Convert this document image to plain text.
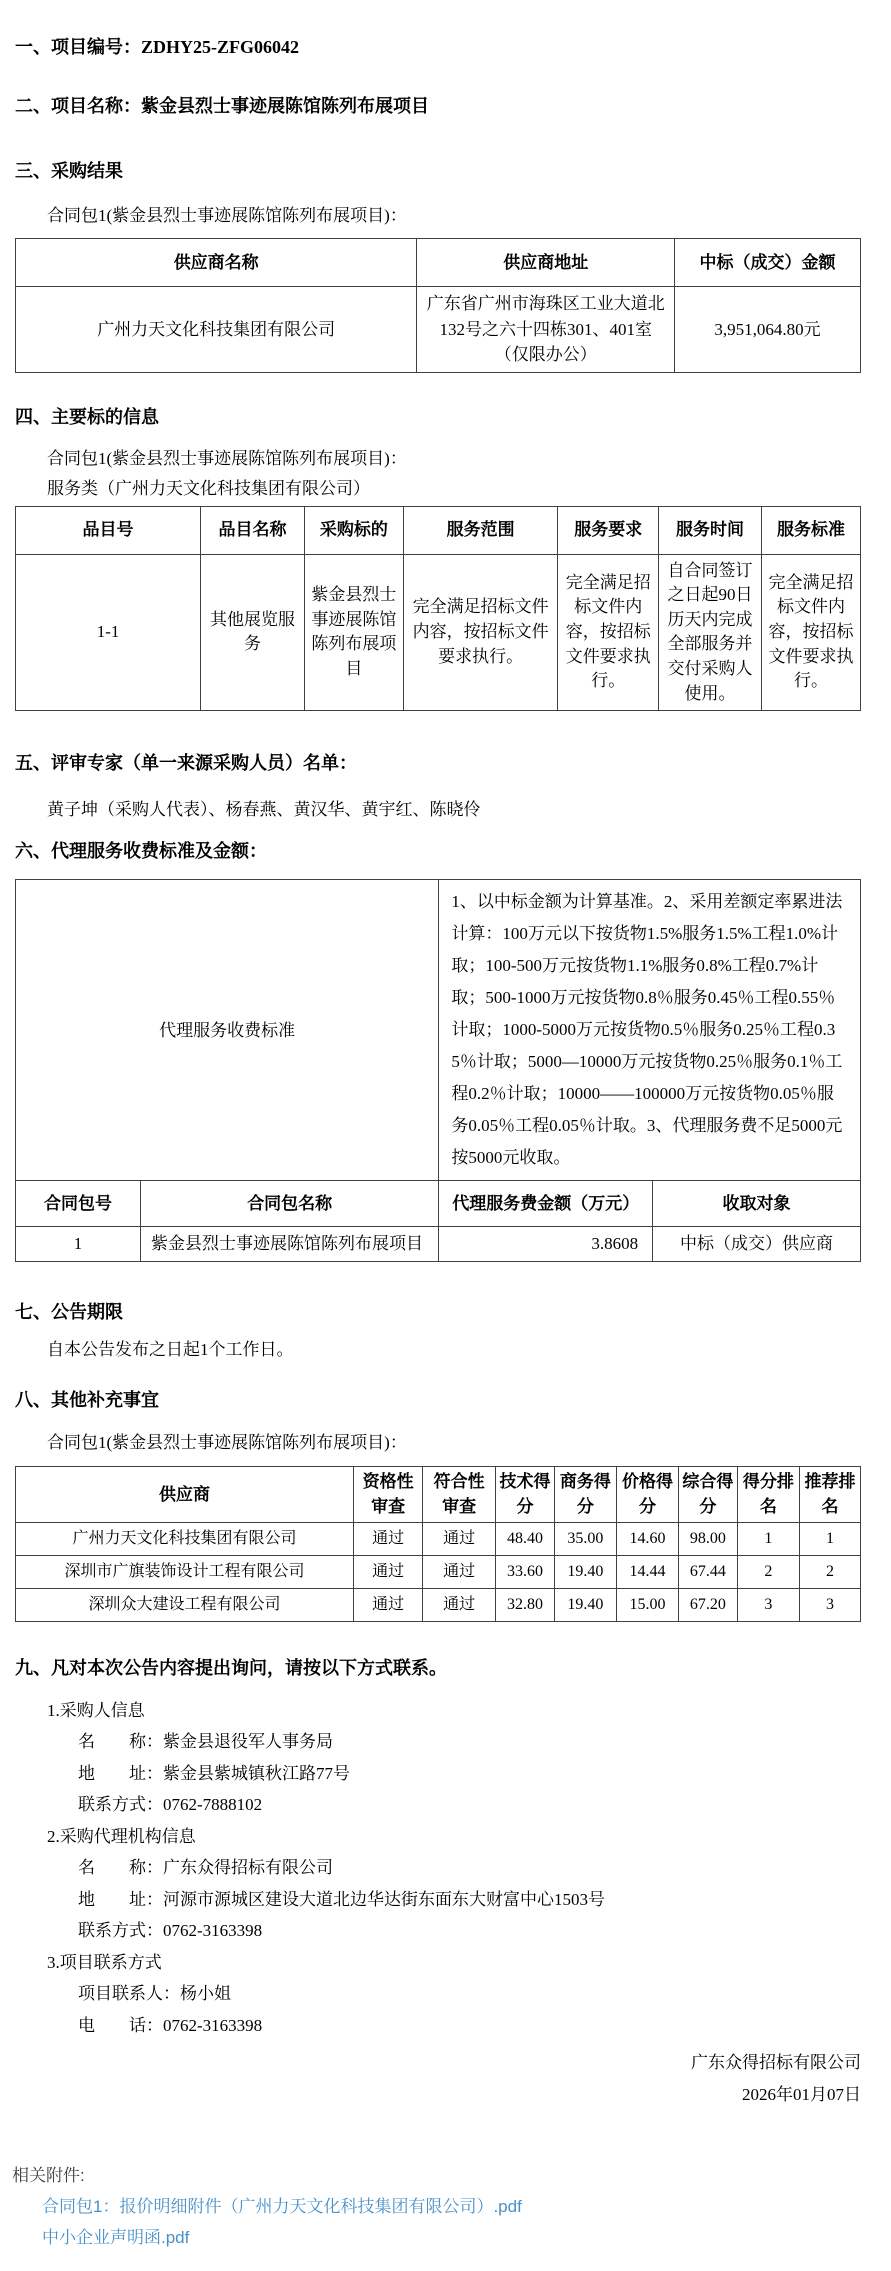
一、项目编号：ZDHY25-ZFG06042
二、项目名称：紫金县烈士事迹展陈馆陈列布展项目
三、采购结果
合同包1(紫金县烈士事迹展陈馆陈列布展项目)：
供应商名称	供应商地址	中标（成交）金额
广州力天文化科技集团有限公司	广东省广州市海珠区工业大道北132号之六十四栋301、401室（仅限办公）	3,951,064.80元
四、主要标的信息
合同包1(紫金县烈士事迹展陈馆陈列布展项目)：
服务类（广州力天文化科技集团有限公司）
品目号	品目名称	采购标的	服务范围	服务要求	服务时间	服务标准
1-1	其他展览服务	紫金县烈士事迹展陈馆陈列布展项目	完全满足招标文件内容，按招标文件要求执行。	完全满足招标文件内容，按招标文件要求执行。	自合同签订之日起90日历天内完成全部服务并交付采购人使用。	完全满足招标文件内容，按招标文件要求执行。
五、评审专家（单一来源采购人员）名单：
黄子坤（采购人代表）、杨春燕、黄汉华、黄宇红、陈晓伶
六、代理服务收费标准及金额：
代理服务收费标准		1、以中标金额为计算基准。2、采用差额定率累进法计算：100万元以下按货物1.5%服务1.5%工程1.0%计取；100-500万元按货物1.1%服务0.8%工程0.7%计取；500-1000万元按货物0.8％服务0.45％工程0.55％计取；1000-5000万元按货物0.5％服务0.25％工程0.35％计取；5000—10000万元按货物0.25％服务0.1％工程0.2％计取；10000——100000万元按货物0.05％服务0.05％工程0.05％计取。3、代理服务费不足5000元按5000元收取。	
合同包号	合同包名称	代理服务费金额（万元）	收取对象
1	紫金县烈士事迹展陈馆陈列布展项目	3.8608	中标（成交）供应商
七、公告期限
自本公告发布之日起1个工作日。
八、其他补充事宜
合同包1(紫金县烈士事迹展陈馆陈列布展项目)：
供应商	资格性审查	符合性审查	技术得分	商务得分	价格得分	综合得分	得分排名	推荐排名
广州力天文化科技集团有限公司	通过	通过	48.40	35.00	14.60	98.00	1	1
深圳市广旗装饰设计工程有限公司	通过	通过	33.60	19.40	14.44	67.44	2	2
深圳众大建设工程有限公司	通过	通过	32.80	19.40	15.00	67.20	3	3
九、凡对本次公告内容提出询问，请按以下方式联系。
1.采购人信息
名　　称：紫金县退役军人事务局
地　　址：紫金县紫城镇秋江路77号
联系方式：0762-7888102
2.采购代理机构信息
名　　称：广东众得招标有限公司
地　　址：河源市源城区建设大道北边华达街东面东大财富中心1503号
联系方式：0762-3163398
3.项目联系方式
项目联系人：杨小姐
电　　话：0762-3163398
广东众得招标有限公司
2026年01月07日
相关附件:
合同包1：报价明细附件（广州力天文化科技集团有限公司）.pdf
中小企业声明函.pdf
